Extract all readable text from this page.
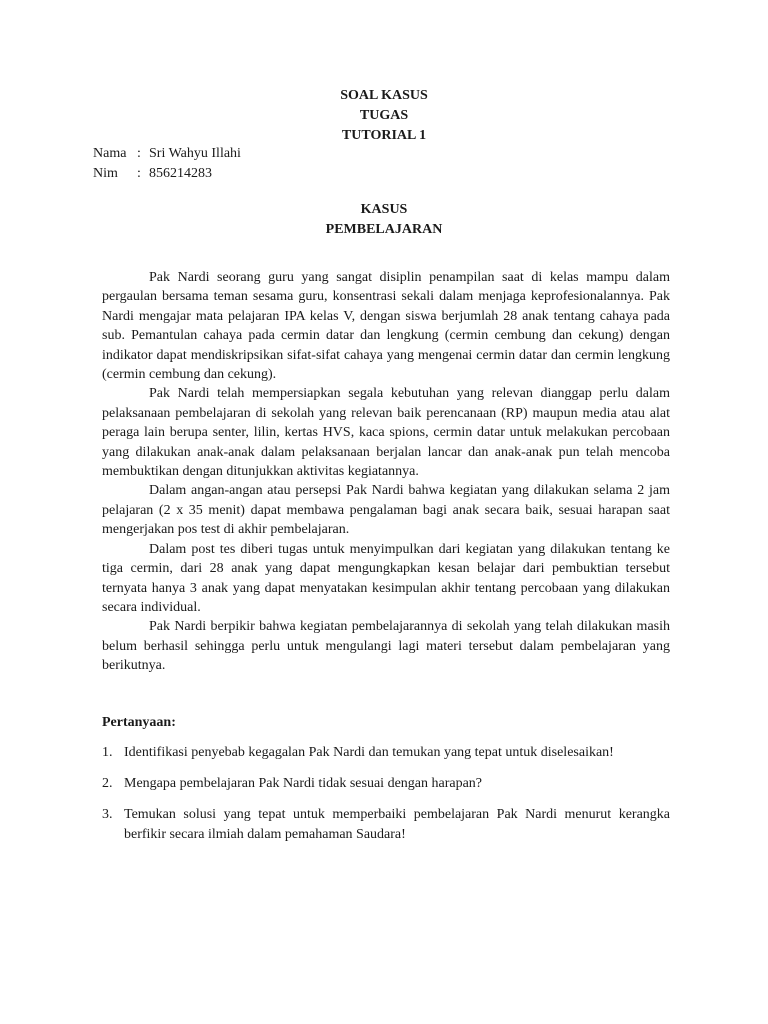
SOAL KASUS
TUGAS
TUTORIAL 1
Nama : Sri Wahyu Illahi
Nim	: 856214283
KASUS
PEMBELAJARAN

Pak Nardi seorang guru yang sangat disiplin penampilan saat di kelas mampu dalam pergaulan bersama teman sesama guru, konsentrasi sekali dalam menjaga keprofesionalannya. Pak Nardi mengajar mata pelajaran IPA kelas V, dengan siswa berjumlah 28 anak tentang cahaya pada sub. Pemantulan cahaya pada cermin datar dan lengkung (cermin cembung dan cekung) dengan indikator dapat mendiskripsikan sifat-sifat cahaya yang mengenai cermin datar dan cermin lengkung (cermin cembung dan cekung).

Pak Nardi telah mempersiapkan segala kebutuhan yang relevan dianggap perlu dalam pelaksanaan pembelajaran di sekolah yang relevan baik perencanaan (RP) maupun media atau alat peraga lain berupa senter, lilin, kertas HVS, kaca spions, cermin datar untuk melakukan percobaan yang dilakukan anak-anak dalam pelaksanaan berjalan lancar dan anak-anak pun telah mencoba membuktikan dengan ditunjukkan aktivitas kegiatannya.

Dalam angan-angan atau persepsi Pak Nardi bahwa kegiatan yang dilakukan selama 2 jam pelajaran (2 x 35 menit) dapat membawa pengalaman bagi anak secara baik, sesuai harapan saat mengerjakan pos test di akhir pembelajaran.

Dalam post tes diberi tugas untuk menyimpulkan dari kegiatan yang dilakukan tentang ke tiga cermin, dari 28 anak yang dapat mengungkapkan kesan belajar dari pembuktian tersebut ternyata hanya 3 anak yang dapat menyatakan kesimpulan akhir tentang percobaan yang dilakukan secara individual.

Pak Nardi berpikir bahwa kegiatan pembelajarannya di sekolah yang telah dilakukan masih belum berhasil sehingga perlu untuk mengulangi lagi materi tersebut dalam pembelajaran yang berikutnya.

Pertanyaan:
1. Identifikasi penyebab kegagalan Pak Nardi dan temukan yang tepat untuk diselesaikan!
2. Mengapa pembelajaran Pak Nardi tidak sesuai dengan harapan?
3. Temukan solusi yang tepat untuk memperbaiki pembelajaran Pak Nardi menurut kerangka berfikir secara ilmiah dalam pemahaman Saudara!
